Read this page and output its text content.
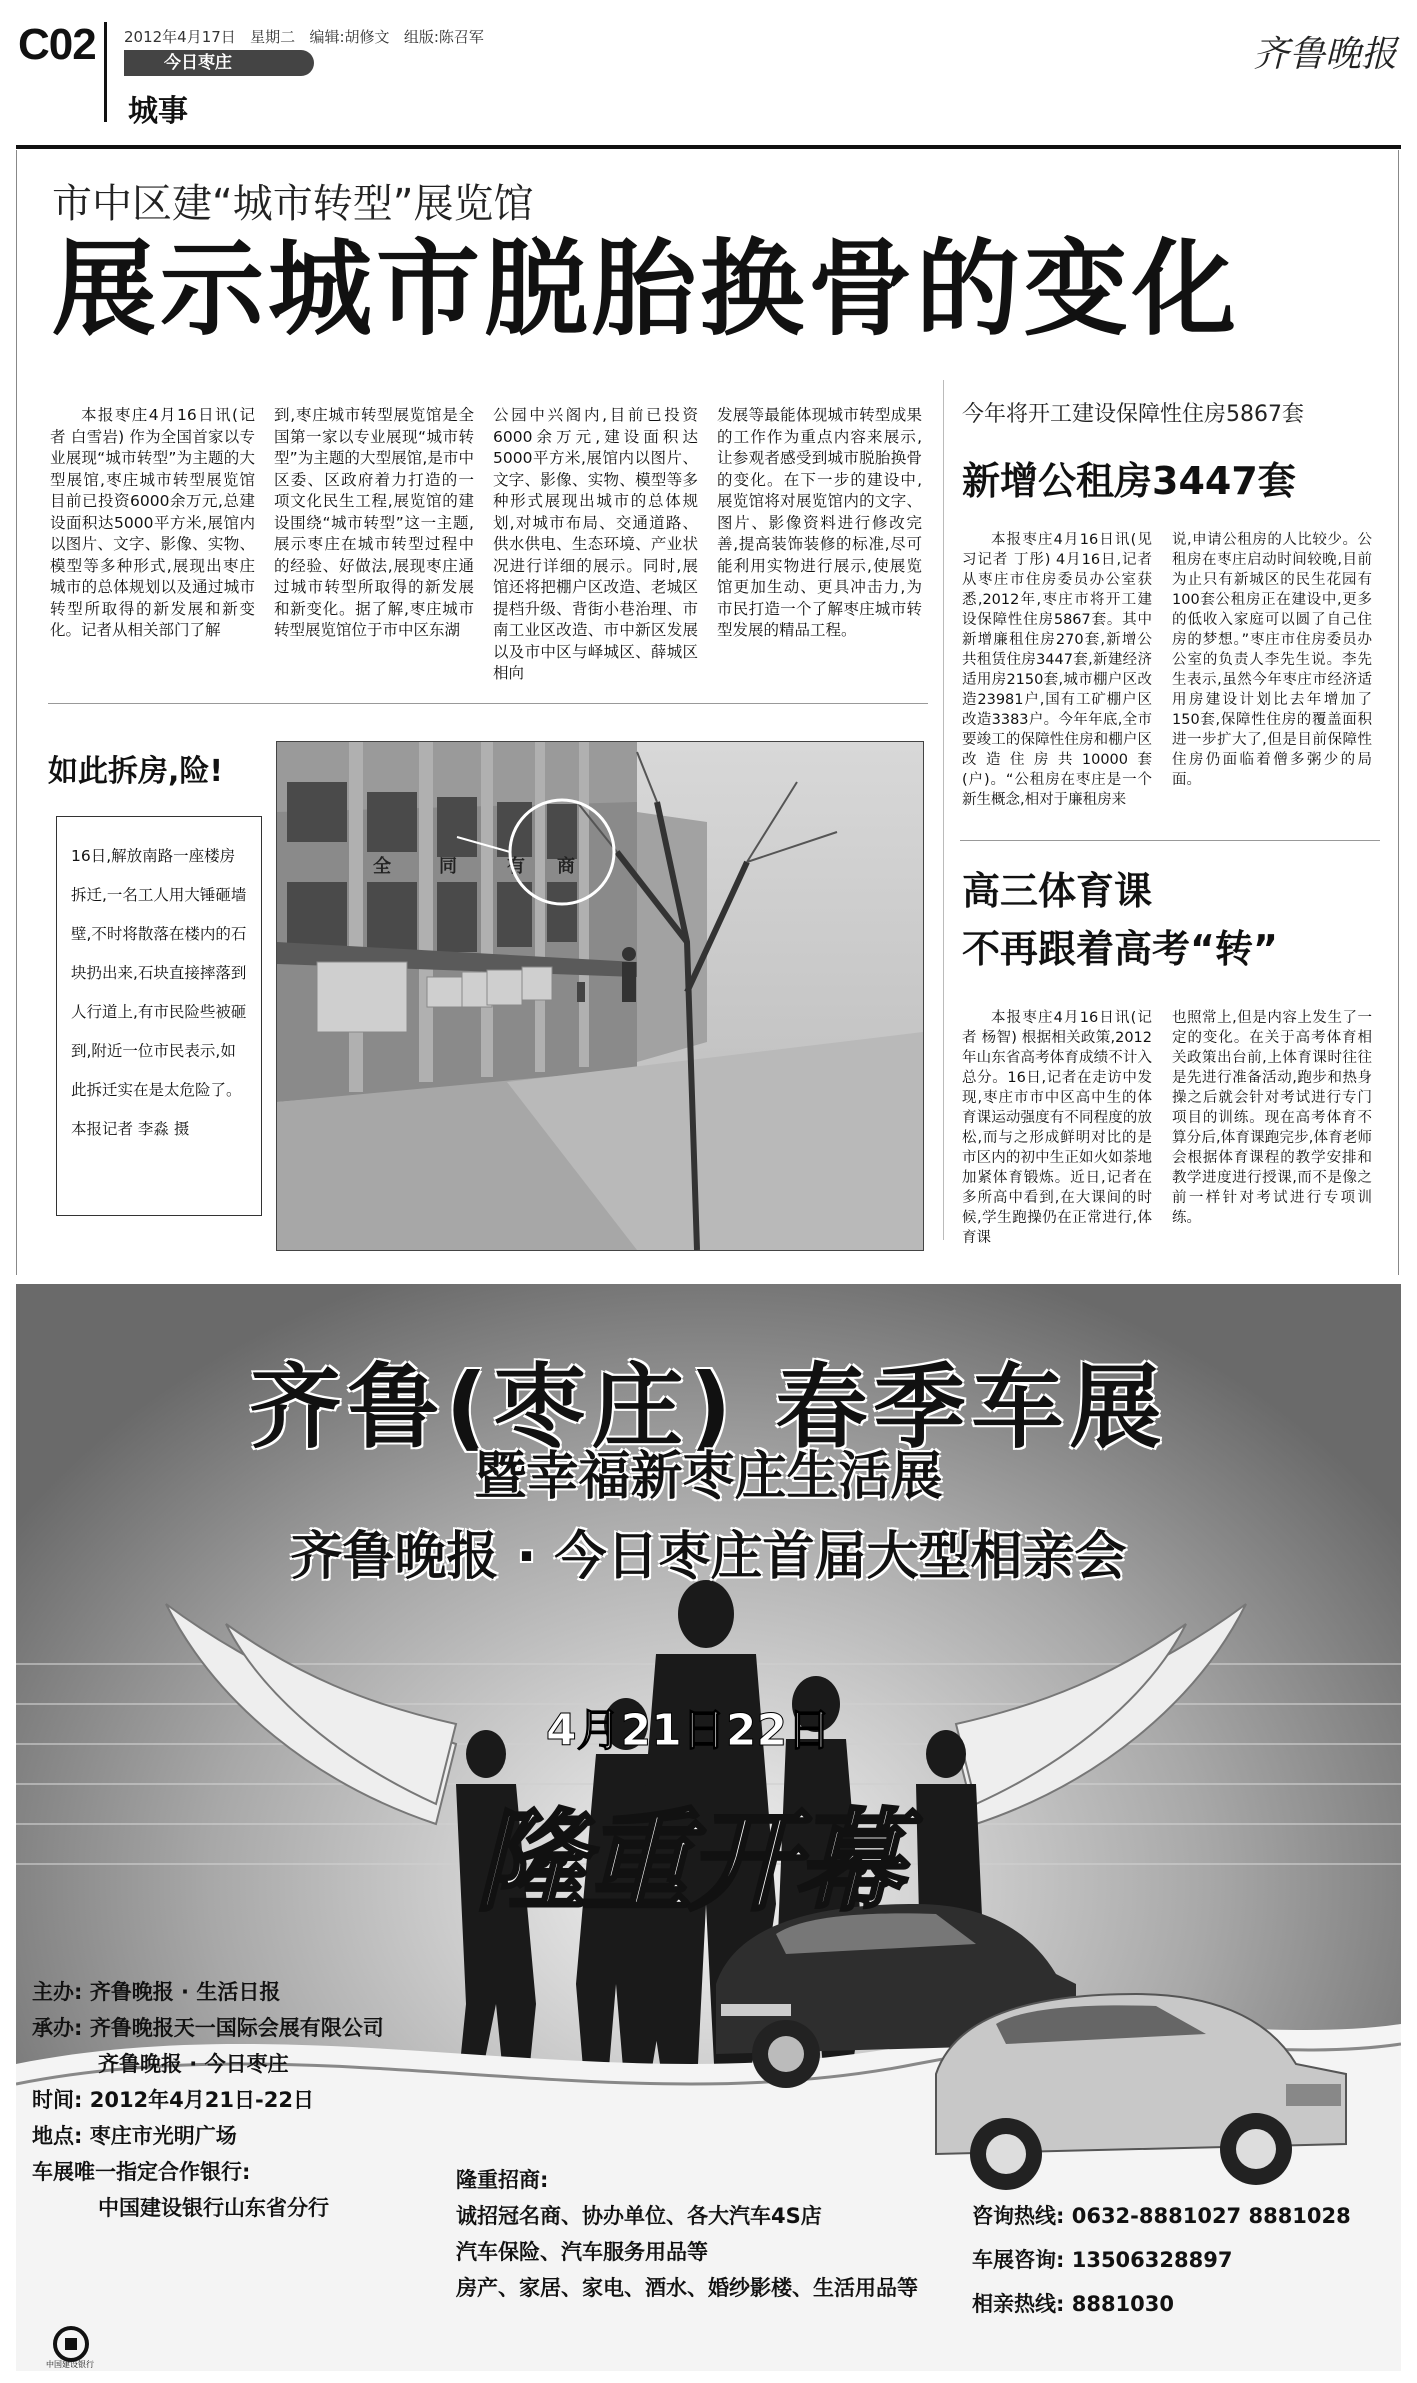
C02 2012年4月17日 星期二 编辑:胡修文 组版:陈召军
今日枣庄
城事
齐鲁晚报
市中区建“城市转型”展览馆
展示城市脱胎换骨的变化
本报枣庄4月16日讯(记者 白雪岩) 作为全国首家以专业展现“城市转型”为主题的大型展馆,枣庄城市转型展览馆目前已投资6000余万元,总建设面积达5000平方米,展馆内以图片、文字、影像、实物、模型等多种形式,展现出枣庄城市的总体规划以及通过城市转型所取得的新发展和新变化。记者从相关部门了解
到,枣庄城市转型展览馆是全国第一家以专业展现“城市转型”为主题的大型展馆,是市中区委、区政府着力打造的一项文化民生工程,展览馆的建设围绕“城市转型”这一主题,展示枣庄在城市转型过程中的经验、好做法,展现枣庄通过城市转型所取得的新发展和新变化。据了解,枣庄城市转型展览馆位于市中区东湖
公园中兴阁内,目前已投资6000余万元,建设面积达5000平方米,展馆内以图片、文字、影像、实物、模型等多种形式展现出城市的总体规划,对城市布局、交通道路、供水供电、生态环境、产业状况进行详细的展示。同时,展馆还将把棚户区改造、老城区提档升级、背街小巷治理、市南工业区改造、市中新区发展以及市中区与峄城区、薛城区相向
发展等最能体现城市转型成果的工作作为重点内容来展示,让参观者感受到城市脱胎换骨的变化。在下一步的建设中,展览馆将对展览馆内的文字、图片、影像资料进行修改完善,提高装饰装修的标准,尽可能利用实物进行展示,使展览馆更加生动、更具冲击力,为市民打造一个了解枣庄城市转型发展的精品工程。
今年将开工建设保障性住房5867套
新增公租房3447套
本报枣庄4月16日讯(见习记者 丁彤) 4月16日,记者从枣庄市住房委员办公室获悉,2012年,枣庄市将开工建设保障性住房5867套。其中新增廉租住房270套,新增公共租赁住房3447套,新建经济适用房2150套,城市棚户区改造23981户,国有工矿棚户区改造3383户。今年年底,全市要竣工的保障性住房和棚户区改造住房共10000套(户)。“公租房在枣庄是一个新生概念,相对于廉租房来
说,申请公租房的人比较少。公租房在枣庄启动时间较晚,目前为止只有新城区的民生花园有100套公租房正在建设中,更多的低收入家庭可以圆了自己住房的梦想。”枣庄市住房委员办公室的负责人李先生说。李先生表示,虽然今年枣庄市经济适用房建设计划比去年增加了150套,保障性住房的覆盖面积进一步扩大了,但是目前保障性住房仍面临着僧多粥少的局面。
高三体育课
不再跟着高考“转”
本报枣庄4月16日讯(记者 杨智) 根据相关政策,2012年山东省高考体育成绩不计入总分。16日,记者在走访中发现,枣庄市市中区高中生的体育课运动强度有不同程度的放松,而与之形成鲜明对比的是市区内的初中生正如火如荼地加紧体育锻炼。近日,记者在多所高中看到,在大课间的时候,学生跑操仍在正常进行,体育课
也照常上,但是内容上发生了一定的变化。在关于高考体育相关政策出台前,上体育课时往往是先进行准备活动,跑步和热身操之后就会针对考试进行专门项目的训练。现在高考体育不算分后,体育课跑完步,体育老师会根据体育课程的教学安排和教学进度进行授课,而不是像之前一样针对考试进行专项训练。
如此拆房,险!
16日,解放南路一座楼房拆迁,一名工人用大锤砸墙壁,不时将散落在楼内的石块扔出来,石块直接摔落到人行道上,有市民险些被砸到,附近一位市民表示,如此拆迁实在是太危险了。 本报记者 李淼 摄
全	同	有 商
中国建设银行
齐鲁(枣庄) 春季车展
暨幸福新枣庄生活展
齐鲁晚报 · 今日枣庄首届大型相亲会
4月21日22日
隆重开幕
主办: 齐鲁晚报 · 生活日报
承办: 齐鲁晚报天一国际会展有限公司
齐鲁晚报 · 今日枣庄
时间: 2012年4月21日-22日
地点: 枣庄市光明广场
车展唯一指定合作银行:
中国建设银行山东省分行
隆重招商:
诚招冠名商、协办单位、各大汽车4S店
汽车保险、汽车服务用品等
房产、家居、家电、酒水、婚纱影楼、生活用品等
咨询热线: 0632-8881027 8881028
车展咨询: 13506328897
相亲热线: 8881030
